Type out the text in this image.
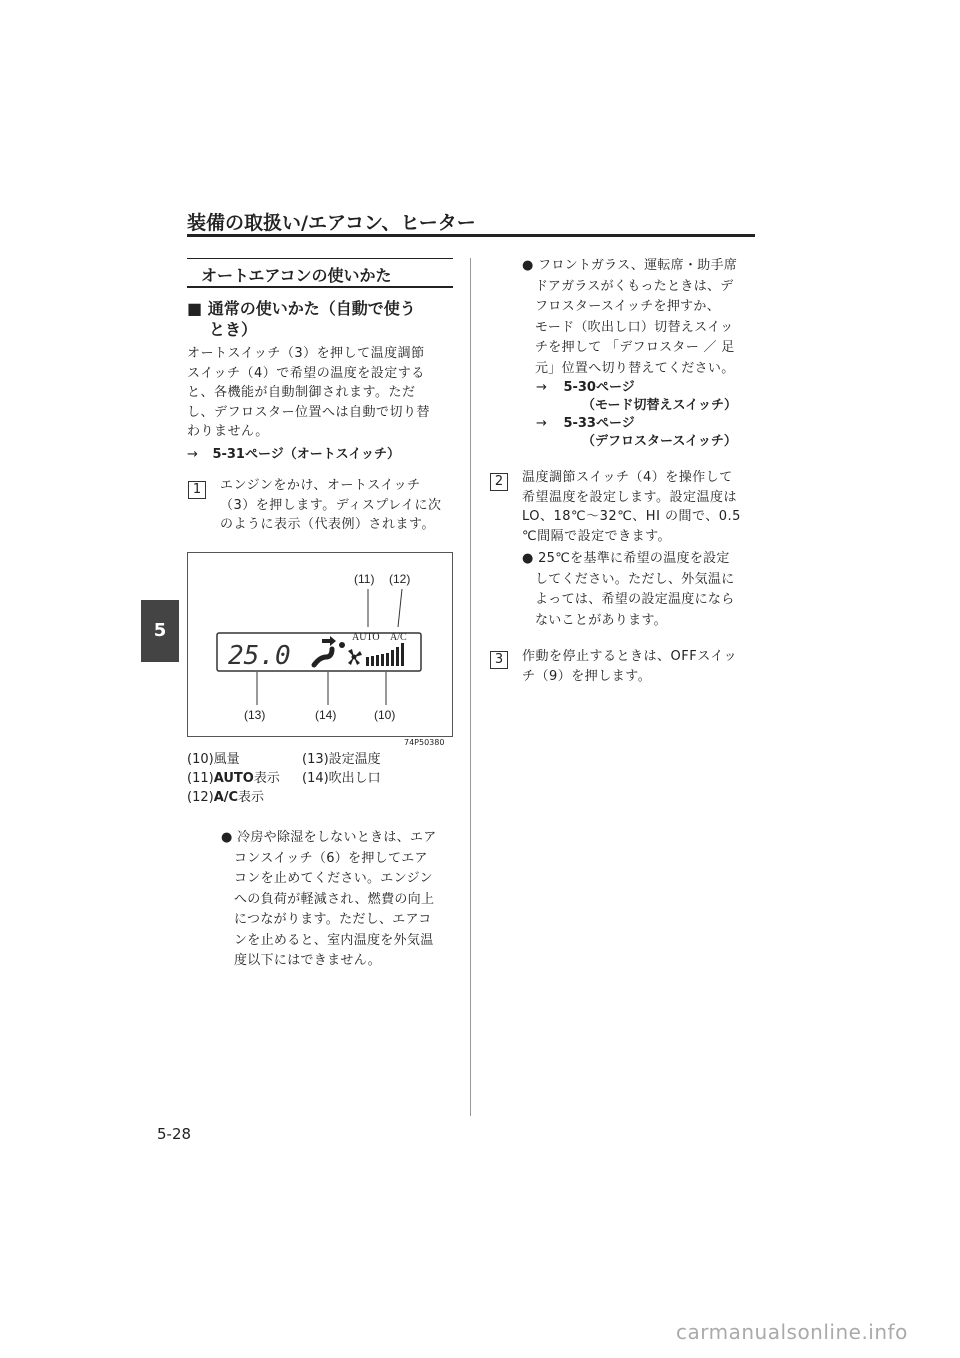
装備の取扱い/エアコン、ヒーター
5
オートエアコンの使いかた
■ 通常の使いかた（自動で使う
とき）
オートスイッチ（3）を押して温度調節
スイッチ（4）で希望の温度を設定する
と、各機能が自動制御されます。ただ
し、デフロスター位置へは自動で切り替
わりません。
→ 5-31ページ（オートスイッチ）
1	エンジンをかけ、オートスイッチ
（3）を押します。ディスプレイに次
のように表示（代表例）されます。
25.0
AUTO A/C
(11) (12)
(13)	(14)	(10)
74P50380
(10)風量	(13)設定温度
(11)AUTO表示 (14)吹出し口
(12)A/C表示
● 冷房や除湿をしないときは、エア
コンスイッチ（6）を押してエア
コンを止めてください。エンジン
への負荷が軽減され、燃費の向上
につながります。ただし、エアコ
ンを止めると、室内温度を外気温
度以下にはできません。
● フロントガラス、運転席・助手席
ドアガラスがくもったときは、デ
フロスタースイッチを押すか、
モード（吹出し口）切替えスイッ
チを押して 「デフロスター ／ 足
元」位置へ切り替えてください。
→ 5-30ページ
（モード切替えスイッチ）
→ 5-33ページ
（デフロスタースイッチ）
2	温度調節スイッチ（4）を操作して
希望温度を設定します。設定温度は
LO、18℃〜32℃、HI の間で、0.5
℃間隔で設定できます。
● 25℃を基準に希望の温度を設定
してください。ただし、外気温に
よっては、希望の設定温度になら
ないことがあります。
3	作動を停止するときは、OFFスイッ
チ（9）を押します。
5-28
carmanualsonline.info
